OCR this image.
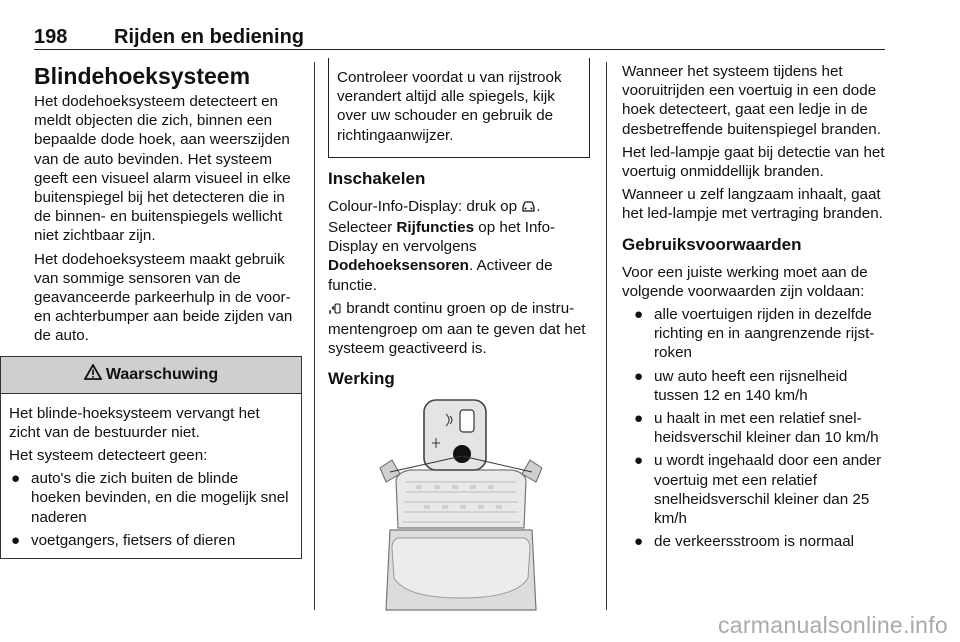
198 Rijden en bediening
Blindehoeksysteem

Het dodehoeksysteem detecteert en meldt objecten die zich, binnen een bepaalde dode hoek, aan weerszijden van de auto bevinden. Het systeem geeft een visueel alarm visueel in elke buitenspiegel bij het detecteren die in de binnen- en buitenspiegels wellicht niet zichtbaar zijn.

Het dodehoeksysteem maakt gebruik van sommige sensoren van de geavanceerde parkeerhulp in de voor- en achterbumper aan beide zijden van de auto.

Waarschuwing

Het blinde-hoeksysteem vervangt het zicht van de bestuurder niet.

Het systeem detecteert geen:

● auto's die zich buiten de blinde hoeken bevinden, en die mogelijk snel naderen
● voetgangers, fietsers of dieren

Controleer voordat u van rijstrook verandert altijd alle spiegels, kijk over uw schouder en gebruik de richtingaanwijzer.

Inschakelen

Colour-Info-Display: druk op . Selecteer Rijfuncties op het Info-Display en vervolgens Dodehoeksensoren. Activeer de functie.

brandt continu groen op de instrumentengroep om aan te geven dat het systeem geactiveerd is.

Werking

Wanneer het systeem tijdens het vooruitrijden een voertuig in een dode hoek detecteert, gaat een ledje in de desbetreffende buitenspiegel branden.

Het led-lampje gaat bij detectie van het voertuig onmiddellijk branden.

Wanneer u zelf langzaam inhaalt, gaat het led-lampje met vertraging branden.

Gebruiksvoorwaarden

Voor een juiste werking moet aan de volgende voorwaarden zijn voldaan:

● alle voertuigen rijden in dezelfde richting en in aangrenzende rijstroken
● uw auto heeft een rijsnelheid tussen 12 en 140 km/h
● u haalt in met een relatief snelheidsverschil kleiner dan 10 km/h
● u wordt ingehaald door een ander voertuig met een relatief snelheidsverschil kleiner dan 25 km/h
● de verkeersstroom is normaal
carmanualsonline.info
